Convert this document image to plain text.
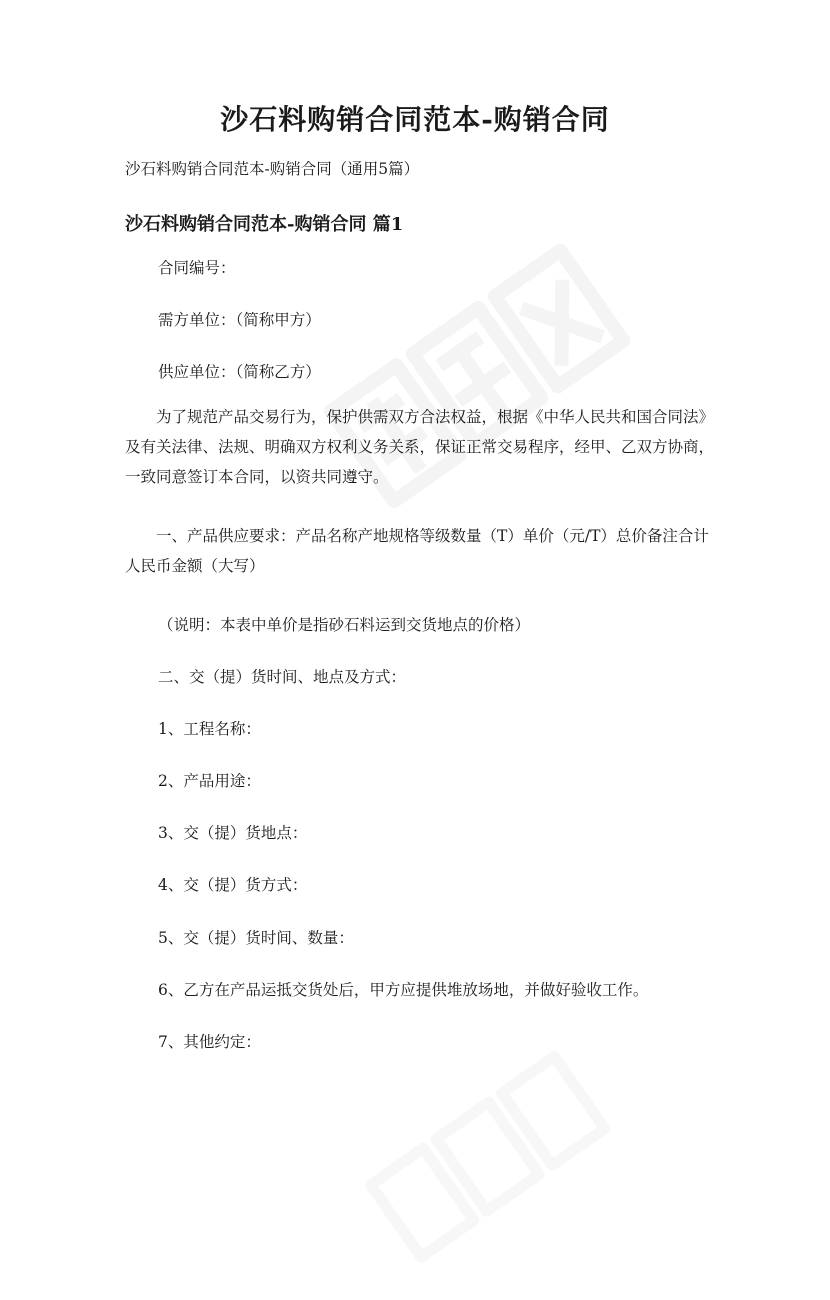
沙石料购销合同范本-购销合同

沙石料购销合同范本-购销合同（通用5篇）

沙石料购销合同范本-购销合同 篇1

合同编号：

需方单位：（简称甲方）

供应单位：（简称乙方）

为了规范产品交易行为，保护供需双方合法权益，根据《中华人民共和国合同法》及有关法律、法规、明确双方权利义务关系，保证正常交易程序，经甲、乙双方协商，一致同意签订本合同，以资共同遵守。

一、产品供应要求：产品名称产地规格等级数量（T）单价（元/T）总价备注合计人民币金额（大写）

（说明：本表中单价是指砂石料运到交货地点的价格）

二、交（提）货时间、地点及方式：

1、工程名称：

2、产品用途：

3、交（提）货地点：

4、交（提）货方式：

5、交（提）货时间、数量：

6、乙方在产品运抵交货处后，甲方应提供堆放场地，并做好验收工作。

7、其他约定：
